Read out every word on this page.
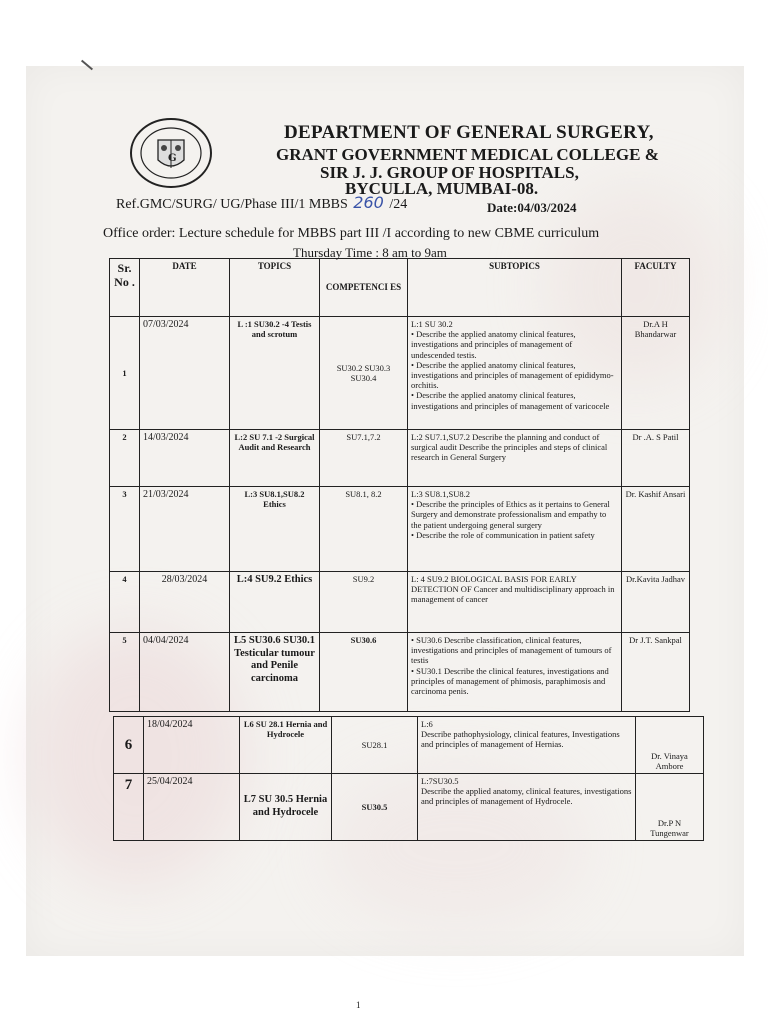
G
DEPARTMENT OF GENERAL SURGERY,
GRANT GOVERNMENT MEDICAL COLLEGE &
SIR J. J. GROUP OF HOSPITALS,
BYCULLA, MUMBAI-08.
Ref.GMC/SURG/ UG/Phase III/1 MBBS 260 /24	Date:04/03/2024
Office order: Lecture schedule for MBBS part III /I according to new CBME curriculum
Thursday Time : 8 am to 9am
Sr. No .	DATE	TOPICS	COMPETENCI ES	SUBTOPICS	FACULTY
1	07/03/2024	L :1 SU30.2 -4 Testis and scrotum	SU30.2 SU30.3 SU30.4	L:1 SU 30.2
• Describe the applied anatomy clinical features, investigations and principles of management of undescended testis.
• Describe the applied anatomy clinical features, investigations and principles of management of epididymo-orchitis.
• Describe the applied anatomy clinical features, investigations and principles of management of varicocele	Dr.A H Bhandarwar
2	14/03/2024	L:2 SU 7.1 -2 Surgical Audit and Research	SU7.1,7.2	L:2 SU7.1,SU7.2 Describe the planning and conduct of surgical audit Describe the principles and steps of clinical research in General Surgery	Dr .A. S Patil
3	21/03/2024	L:3 SU8.1,SU8.2 Ethics	SU8.1, 8.2	L:3 SU8.1,SU8.2
• Describe the principles of Ethics as it pertains to General Surgery and demonstrate professionalism and empathy to the patient undergoing general surgery
• Describe the role of communication in patient safety	Dr. Kashif Ansari
4	28/03/2024	L:4 SU9.2 Ethics	SU9.2	L: 4 SU9.2 BIOLOGICAL BASIS FOR EARLY DETECTION OF Cancer and multidisciplinary approach in management of cancer	Dr.Kavita Jadhav
5	04/04/2024	L5 SU30.6 SU30.1 Testicular tumour and Penile carcinoma	SU30.6	• SU30.6 Describe classification, clinical features, investigations and principles of management of tumours of testis
• SU30.1 Describe the clinical features, investigations and principles of management of phimosis, paraphimosis and carcinoma penis.	Dr J.T. Sankpal
6	18/04/2024	L6 SU 28.1 Hernia and Hydrocele	SU28.1	L:6
Describe pathophysiology, clinical features, Investigations and principles of management of Hernias.	Dr. Vinaya Ambore
7	25/04/2024	L7 SU 30.5 Hernia and Hydrocele	SU30.5	L:7SU30.5
Describe the applied anatomy, clinical features, investigations and principles of management of Hydrocele.	Dr.P N Tungenwar
1
